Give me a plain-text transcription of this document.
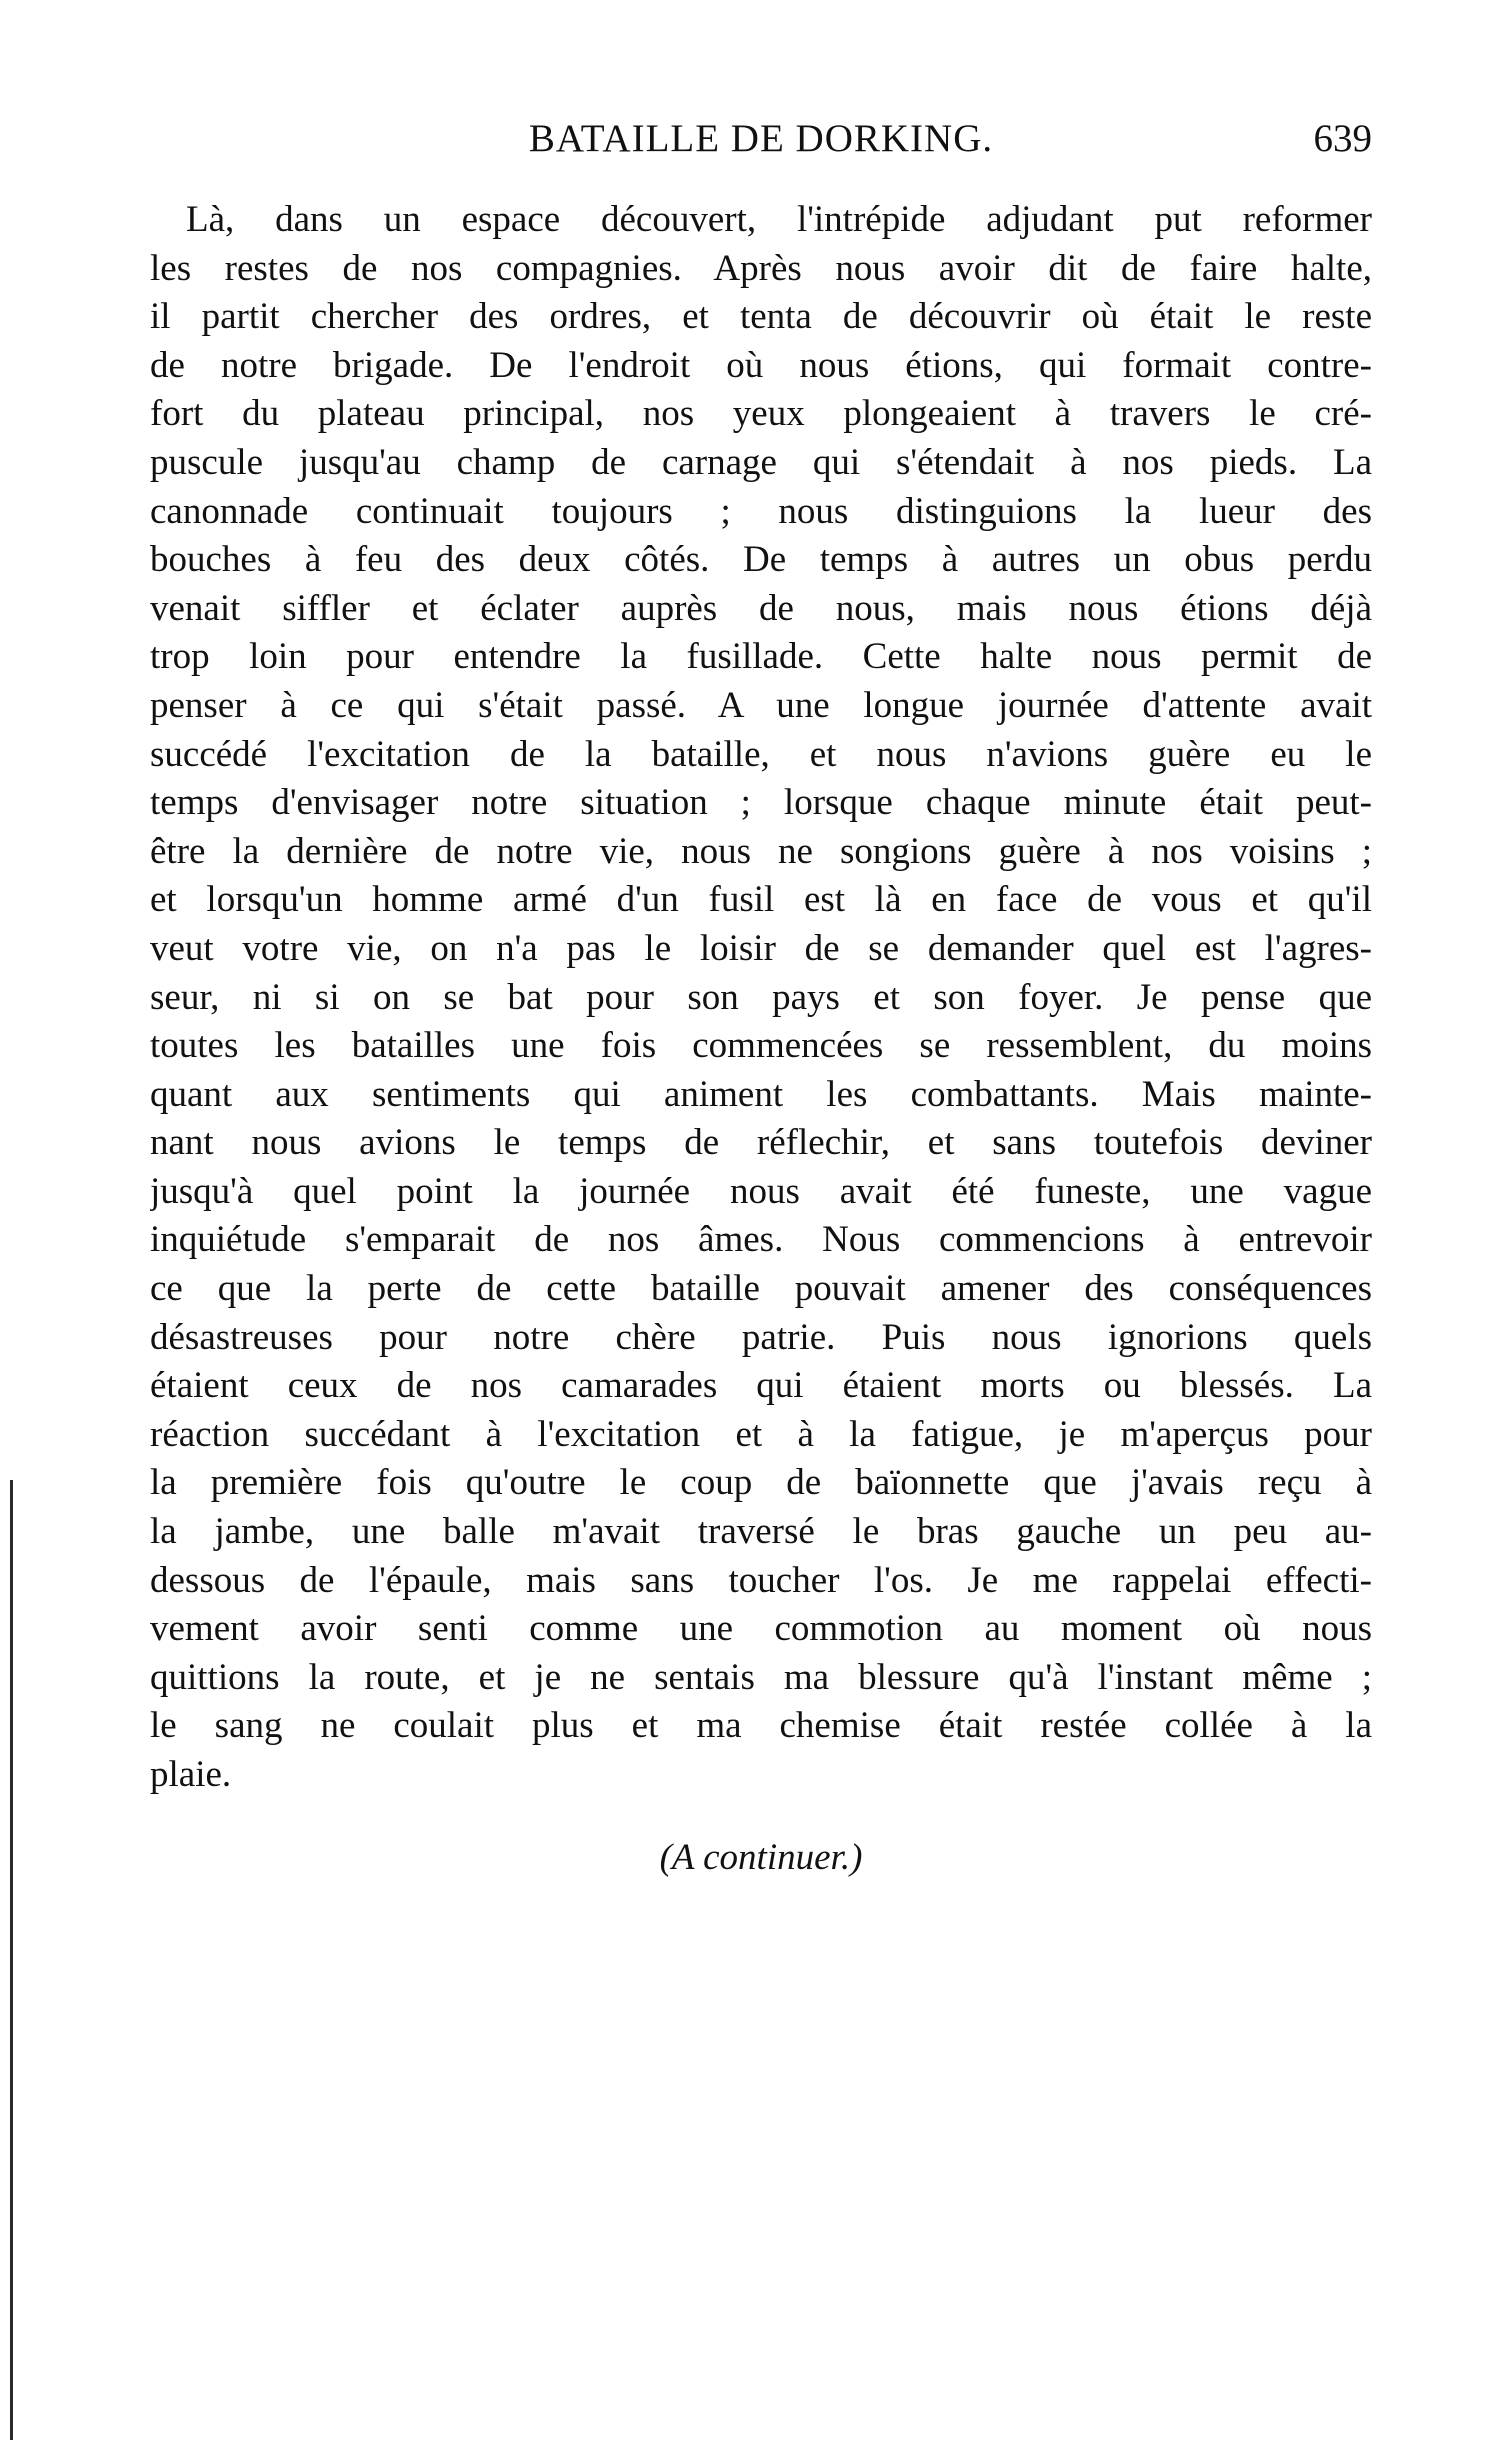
BATAILLE DE DORKING.	639
Là, dans un espace découvert, l'intrépide adjudant put reformer
les restes de nos compagnies. Après nous avoir dit de faire halte,
il partit chercher des ordres, et tenta de découvrir où était le reste
de notre brigade. De l'endroit où nous étions, qui formait contre-
fort du plateau principal, nos yeux plongeaient à travers le cré-
puscule jusqu'au champ de carnage qui s'étendait à nos pieds. La
canonnade continuait toujours ; nous distinguions la lueur des
bouches à feu des deux côtés. De temps à autres un obus perdu
venait siffler et éclater auprès de nous, mais nous étions déjà
trop loin pour entendre la fusillade. Cette halte nous permit de
penser à ce qui s'était passé. A une longue journée d'attente avait
succédé l'excitation de la bataille, et nous n'avions guère eu le
temps d'envisager notre situation ; lorsque chaque minute était peut-
être la dernière de notre vie, nous ne songions guère à nos voisins ;
et lorsqu'un homme armé d'un fusil est là en face de vous et qu'il
veut votre vie, on n'a pas le loisir de se demander quel est l'agres-
seur, ni si on se bat pour son pays et son foyer. Je pense que
toutes les batailles une fois commencées se ressemblent, du moins
quant aux sentiments qui animent les combattants. Mais mainte-
nant nous avions le temps de réflechir, et sans toutefois deviner
jusqu'à quel point la journée nous avait été funeste, une vague
inquiétude s'emparait de nos âmes. Nous commencions à entrevoir
ce que la perte de cette bataille pouvait amener des conséquences
désastreuses pour notre chère patrie. Puis nous ignorions quels
étaient ceux de nos camarades qui étaient morts ou blessés. La
réaction succédant à l'excitation et à la fatigue, je m'aperçus pour
la première fois qu'outre le coup de baïonnette que j'avais reçu à
la jambe, une balle m'avait traversé le bras gauche un peu au-
dessous de l'épaule, mais sans toucher l'os. Je me rappelai effecti-
vement avoir senti comme une commotion au moment où nous
quittions la route, et je ne sentais ma blessure qu'à l'instant même ;
le sang ne coulait plus et ma chemise était restée collée à la
plaie.
(A continuer.)
